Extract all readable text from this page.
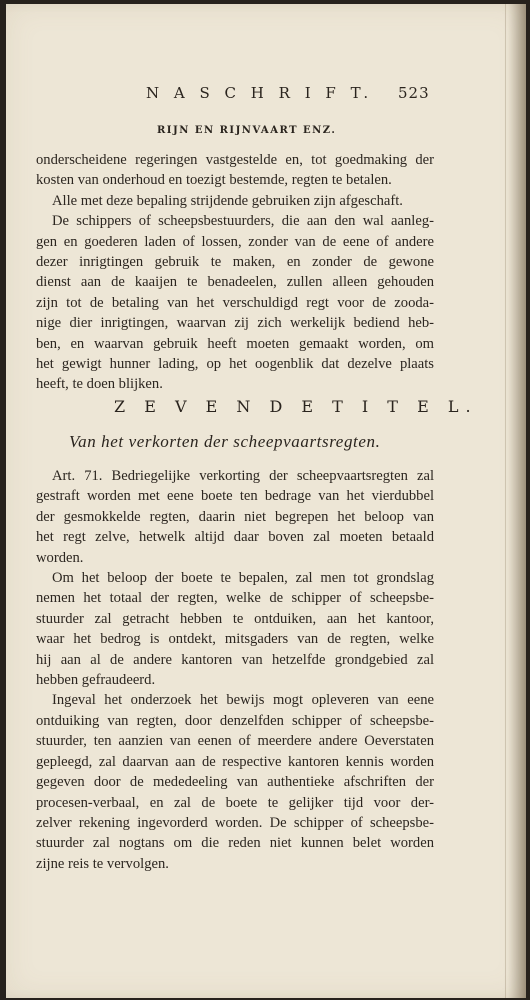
N A S C H R I F T. 523
RIJN EN RIJNVAART ENZ.
onderscheidene regeringen vastgestelde en, tot goedmaking der
kosten van onderhoud en toezigt bestemde, regten te betalen.
Alle met deze bepaling strijdende gebruiken zijn afgeschaft.
De schippers of scheepsbestuurders, die aan den wal aanleg-
gen en goederen laden of lossen, zonder van de eene of andere
dezer inrigtingen gebruik te maken, en zonder de gewone
dienst aan de kaaijen te benadeelen, zullen alleen gehouden
zijn tot de betaling van het verschuldigd regt voor de zooda-
nige dier inrigtingen, waarvan zij zich werkelijk bediend heb-
ben, en waarvan gebruik heeft moeten gemaakt worden, om
het gewigt hunner lading, op het oogenblik dat dezelve plaats
heeft, te doen blijken.
Z E V E N D E T I T E L.
Van het verkorten der scheepvaartsregten.
Art. 71. Bedriegelijke verkorting der scheepvaartsregten zal
gestraft worden met eene boete ten bedrage van het vierdubbel
der gesmokkelde regten, daarin niet begrepen het beloop van
het regt zelve, hetwelk altijd daar boven zal moeten betaald
worden.
Om het beloop der boete te bepalen, zal men tot grondslag
nemen het totaal der regten, welke de schipper of scheepsbe-
stuurder zal getracht hebben te ontduiken, aan het kantoor,
waar het bedrog is ontdekt, mitsgaders van de regten, welke
hij aan al de andere kantoren van hetzelfde grondgebied zal
hebben gefraudeerd.
Ingeval het onderzoek het bewijs mogt opleveren van eene
ontduiking van regten, door denzelfden schipper of scheepsbe-
stuurder, ten aanzien van eenen of meerdere andere Oeverstaten
gepleegd, zal daarvan aan de respective kantoren kennis worden
gegeven door de mededeeling van authentieke afschriften der
procesen-verbaal, en zal de boete te gelijker tijd voor der-
zelver rekening ingevorderd worden. De schipper of scheepsbe-
stuurder zal nogtans om die reden niet kunnen belet worden
zijne reis te vervolgen.
